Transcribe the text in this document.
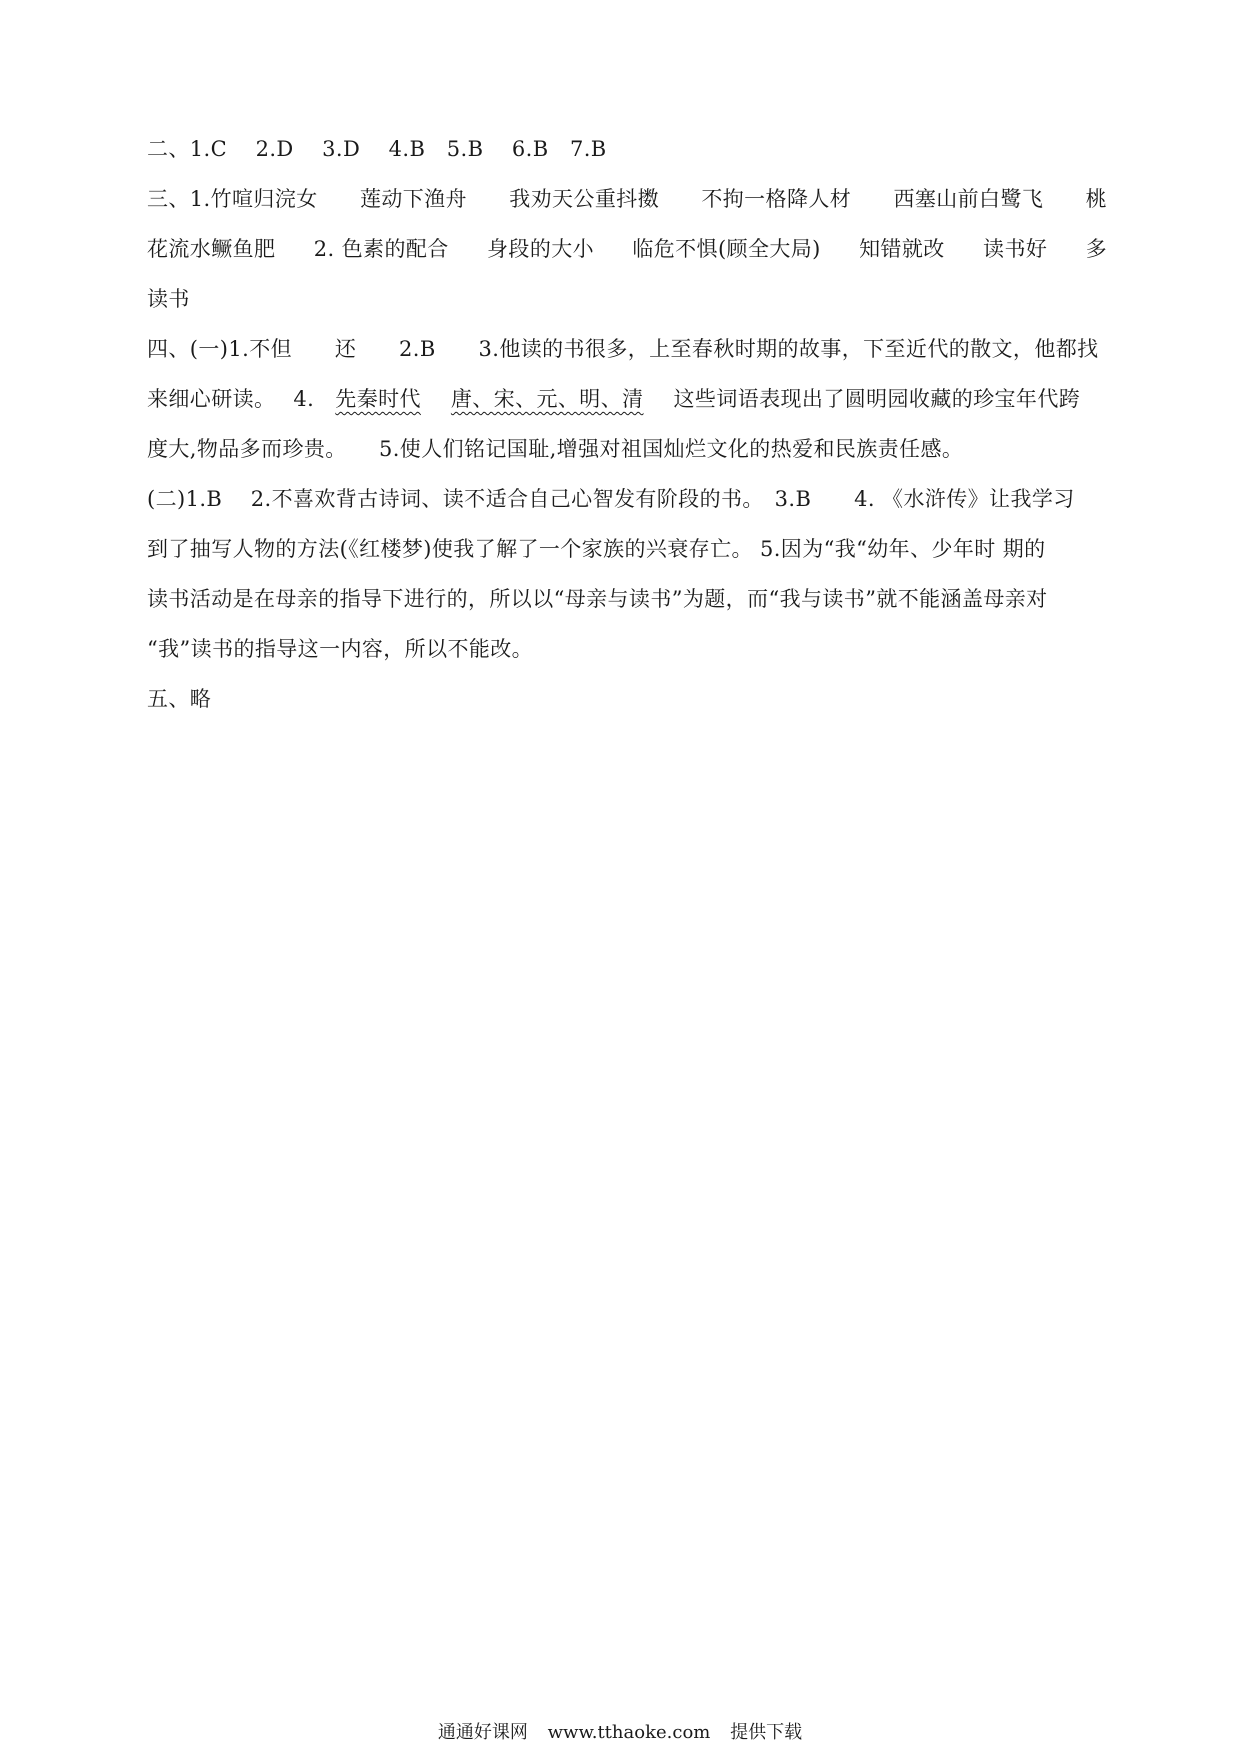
二、1.C　 2.D　 3.D　 4.B　5.B　 6.B　7.B

三、1.竹喧归浣女 莲动下渔舟 我劝天公重抖擞 不拘一格降人材 西塞山前白鹭飞 桃

花流水鳜鱼肥 2. 色素的配合 身段的大小 临危不惧(顾全大局) 知错就改 读书好 多

读书

四、(一)1.不但　　还　　2.B　　3.他读的书很多，上至春秋时期的故事，下至近代的散文，他都找

来细心研读。　 4. 先秦时代 唐、宋、元、明、清 这些词语表现出了圆明园收藏的珍宝年代跨

度大,物品多而珍贵。　　5.使人们铭记国耻,增强对祖国灿烂文化的热爱和民族责任感。

(二)1.B　 2.不喜欢背古诗词、读不适合自己心智发有阶段的书。　3.B　　4. 《水浒传》让我学习

到了抽写人物的方法(《红楼梦)使我了解了一个家族的兴衰存亡。 5.因为“我“幼年、少年时 期的

读书活动是在母亲的指导下进行的，所以以“母亲与读书”为题，而“我与读书”就不能涵盖母亲对

“我”读书的指导这一内容，所以不能改。

五、略

通通好课网 www.tthaoke.com 提供下载
